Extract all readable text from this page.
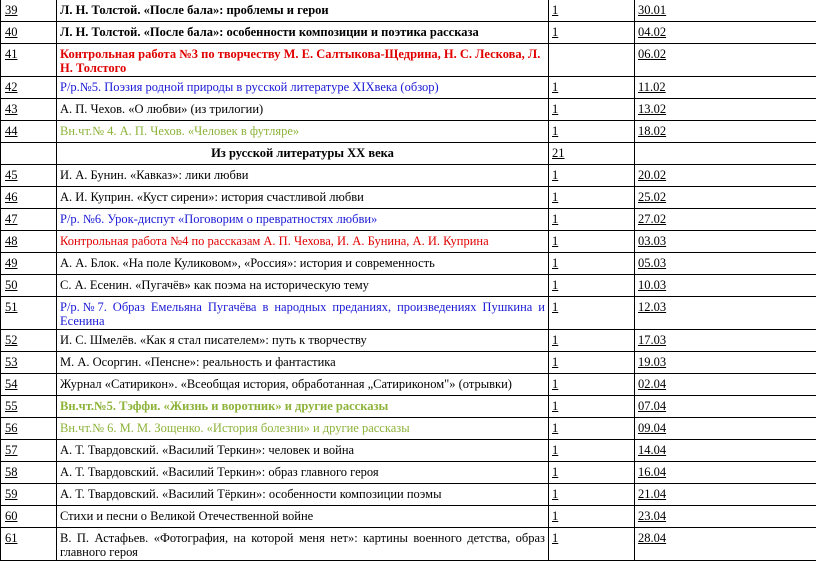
39	Л. Н. Толстой. «После бала»: проблемы и герои	1	30.01
40	Л. Н. Толстой. «После бала»: особенности композиции и поэтика рассказа	1	04.02
41	Контрольная работа №3 по творчеству М. Е. Салтыкова-Щедрина, Н. С. Лескова, Л. Н. Толстого		06.02
42	Р/р.№5. Поэзия родной природы в русской литературе XIXвека (обзор)	1	11.02
43	А. П. Чехов. «О любви» (из трилогии)	1	13.02
44	Вн.чт.№ 4. А. П. Чехов. «Человек в футляре»	1	18.02
	Из русской литературы XX века	21	
45	И. А. Бунин. «Кавказ»: лики любви	1	20.02
46	А. И. Куприн. «Куст сирени»: история счастливой любви	1	25.02
47	Р/р. №6. Урок-диспут «Поговорим о превратностях любви»	1	27.02
48	Контрольная работа №4 по рассказам А. П. Чехова, И. А. Бунина, А. И. Куприна	1	03.03
49	А. А. Блок. «На поле Куликовом», «Россия»: история и современность	1	05.03
50	С. А. Есенин. «Пугачёв» как поэма на историческую тему	1	10.03
51	Р/р.№7. Образ Емельяна Пугачёва в народных преданиях, произведениях Пушкина и Есенина	1	12.03
52	И. С. Шмелёв. «Как я стал писателем»: путь к творчеству	1	17.03
53	М. А. Осоргин. «Пенсне»: реальность и фантастика	1	19.03
54	Журнал «Сатирикон». «Всеобщая история, обработанная „Сатириконом"» (отрывки)	1	02.04
55	Вн.чт.№5. Тэффи. «Жизнь и воротник» и другие рассказы	1	07.04
56	Вн.чт.№ 6. М. М. Зощенко. «История болезни» и другие рассказы	1	09.04
57	А. Т. Твардовский. «Василий Теркин»: человек и война	1	14.04
58	А. Т. Твардовский. «Василий Теркин»: образ главного героя	1	16.04
59	А. Т. Твардовский. «Василий Тёркин»: особенности композиции поэмы	1	21.04
60	Стихи и песни о Великой Отечественной войне	1	23.04
61	В. П. Астафьев. «Фотография, на которой меня нет»: картины военного детства, образ главного героя	1	28.04
